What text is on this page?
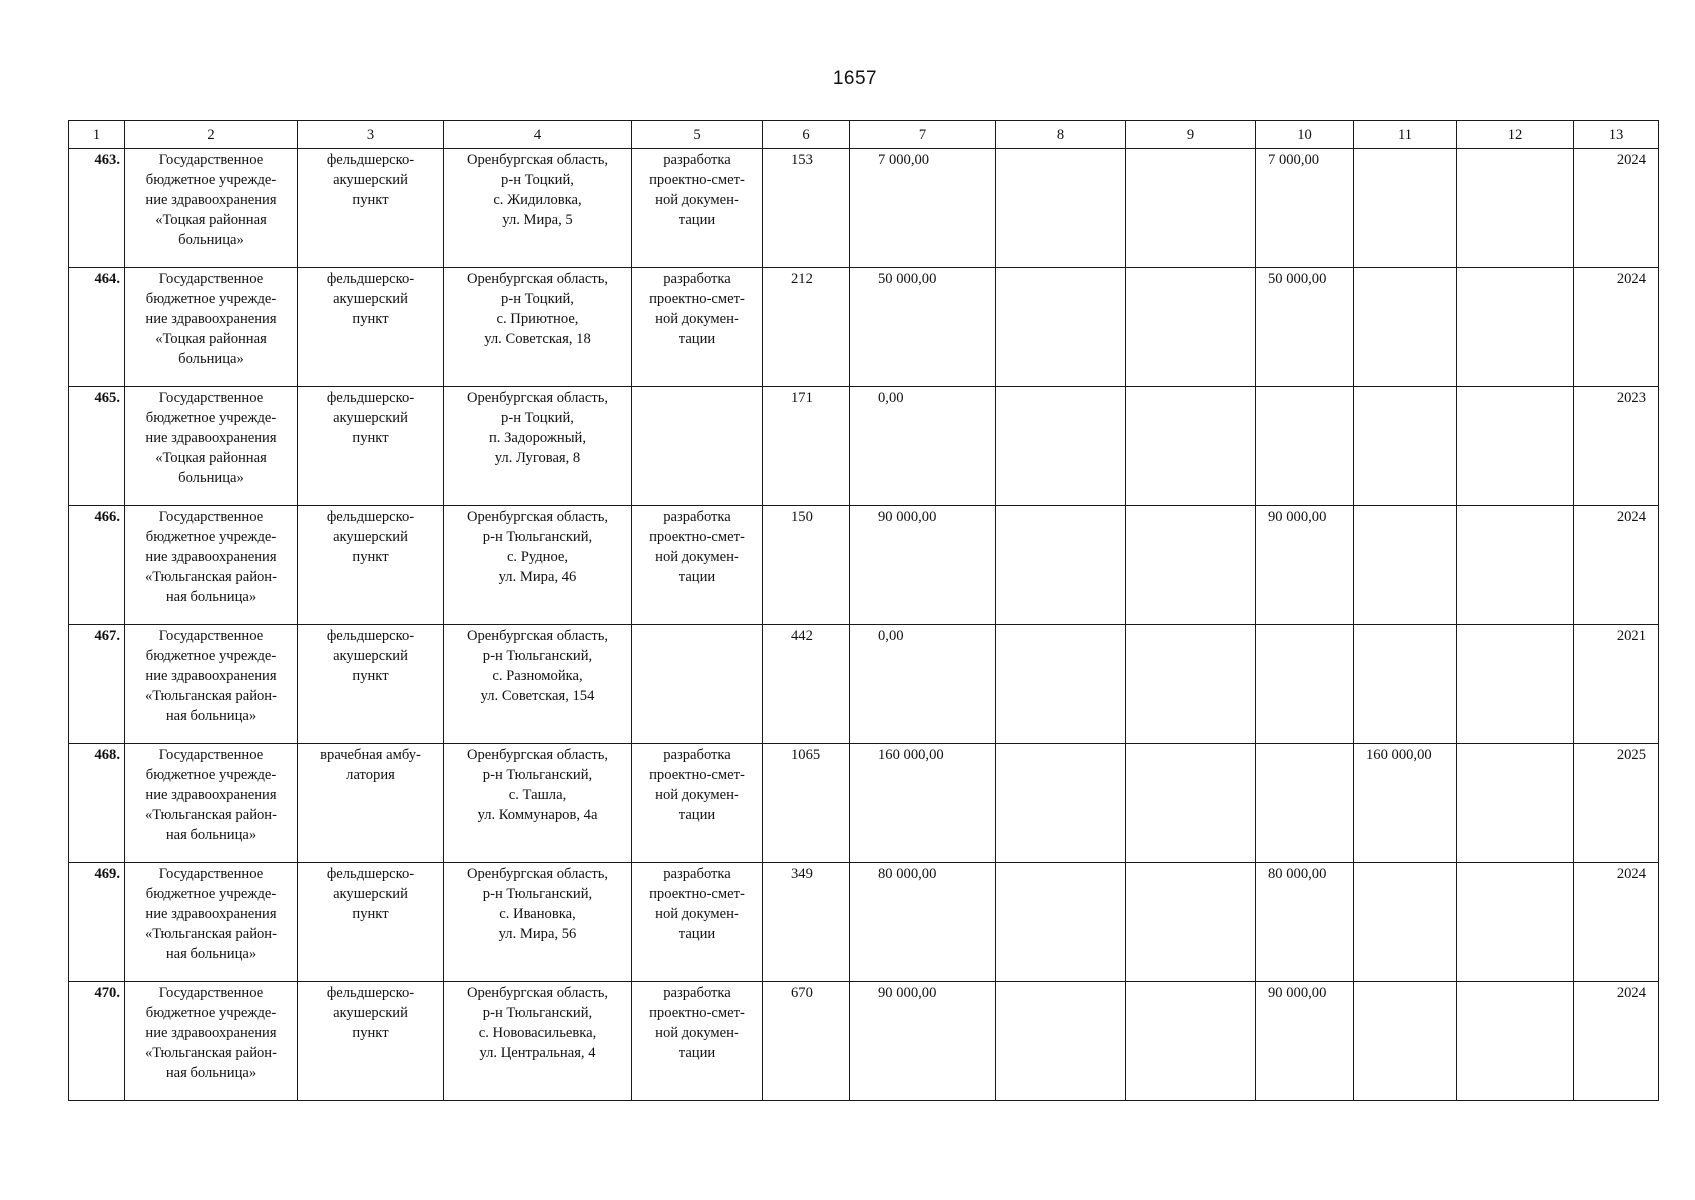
1657
1	2	3	4	5	6	7	8	9	10	11	12	13
463.	Государственное
бюджетное учрежде-
ние здравоохранения
«Тоцкая районная
больница»	фельдшерско-
акушерский
пункт	Оренбургская область,
р-н Тоцкий,
с. Жидиловка,
ул. Мира, 5	разработка
проектно-смет-
ной докумен-
тации	153	7 000,00			7 000,00			2024
464.	Государственное
бюджетное учрежде-
ние здравоохранения
«Тоцкая районная
больница»	фельдшерско-
акушерский
пункт	Оренбургская область,
р-н Тоцкий,
с. Приютное,
ул. Советская, 18	разработка
проектно-смет-
ной докумен-
тации	212	50 000,00			50 000,00			2024
465.	Государственное
бюджетное учрежде-
ние здравоохранения
«Тоцкая районная
больница»	фельдшерско-
акушерский
пункт	Оренбургская область,
р-н Тоцкий,
п. Задорожный,
ул. Луговая, 8		171	0,00						2023
466.	Государственное
бюджетное учрежде-
ние здравоохранения
«Тюльганская район-
ная больница»	фельдшерско-
акушерский
пункт	Оренбургская область,
р-н Тюльганский,
с. Рудное,
ул. Мира, 46	разработка
проектно-смет-
ной докумен-
тации	150	90 000,00			90 000,00			2024
467.	Государственное
бюджетное учрежде-
ние здравоохранения
«Тюльганская район-
ная больница»	фельдшерско-
акушерский
пункт	Оренбургская область,
р-н Тюльганский,
с. Разномойка,
ул. Советская, 154		442	0,00						2021
468.	Государственное
бюджетное учрежде-
ние здравоохранения
«Тюльганская район-
ная больница»	врачебная амбу-
латория	Оренбургская область,
р-н Тюльганский,
с. Ташла,
ул. Коммунаров, 4а	разработка
проектно-смет-
ной докумен-
тации	1065	160 000,00				160 000,00		2025
469.	Государственное
бюджетное учрежде-
ние здравоохранения
«Тюльганская район-
ная больница»	фельдшерско-
акушерский
пункт	Оренбургская область,
р-н Тюльганский,
с. Ивановка,
ул. Мира, 56	разработка
проектно-смет-
ной докумен-
тации	349	80 000,00			80 000,00			2024
470.	Государственное
бюджетное учрежде-
ние здравоохранения
«Тюльганская район-
ная больница»	фельдшерско-
акушерский
пункт	Оренбургская область,
р-н Тюльганский,
с. Нововасильевка,
ул. Центральная, 4	разработка
проектно-смет-
ной докумен-
тации	670	90 000,00			90 000,00			2024
